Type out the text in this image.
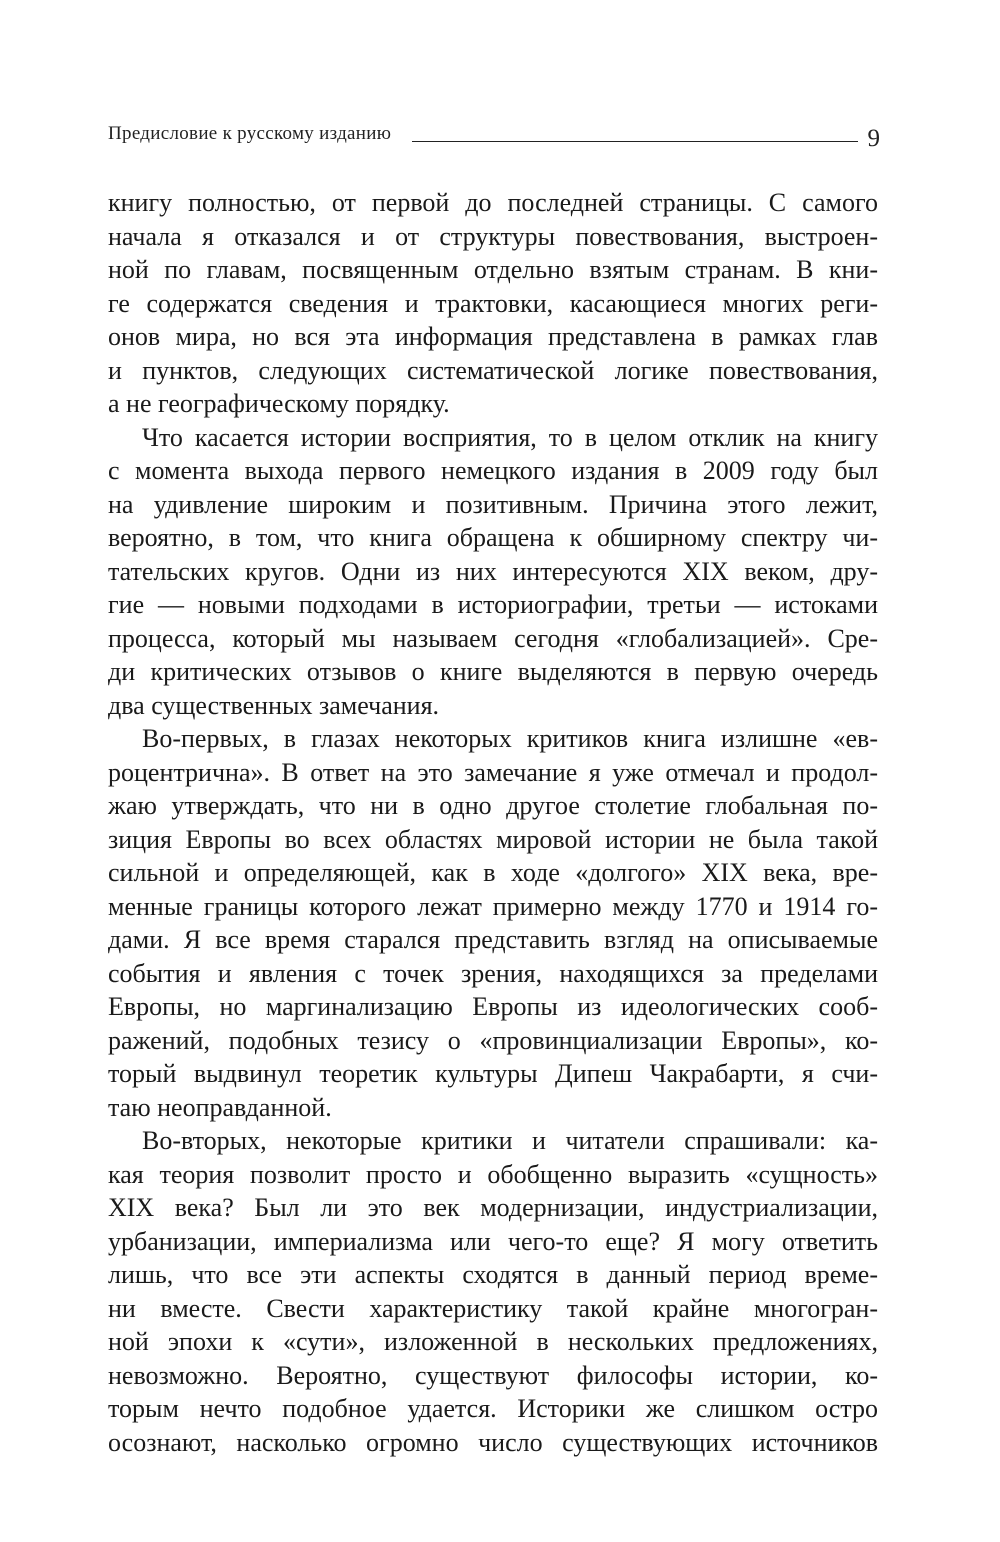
Предисловие к русскому изданию	9

книгу полностью, от первой до последней страницы. С самого
начала я отказался и от структуры повествования, выстроен-
ной по главам, посвященным отдельно взятым странам. В кни-
ге содержатся сведения и трактовки, касающиеся многих реги-
онов мира, но вся эта информация представлена в рамках глав
и пунктов, следующих систематической логике повествования,
а не географическому порядку.

Что касается истории восприятия, то в целом отклик на книгу
с момента выхода первого немецкого издания в 2009 году был
на удивление широким и позитивным. Причина этого лежит,
вероятно, в том, что книга обращена к обширному спектру чи-
тательских кругов. Одни из них интересуются XIX веком, дру-
гие — новыми подходами в историографии, третьи — истоками
процесса, который мы называем сегодня «глобализацией». Сре-
ди критических отзывов о книге выделяются в первую очередь
два существенных замечания.

Во-первых, в глазах некоторых критиков книга излишне «ев-
роцентрична». В ответ на это замечание я уже отмечал и продол-
жаю утверждать, что ни в одно другое столетие глобальная по-
зиция Европы во всех областях мировой истории не была такой
сильной и определяющей, как в ходе «долгого» XIX века, вре-
менные границы которого лежат примерно между 1770 и 1914 го-
дами. Я все время старался представить взгляд на описываемые
события и явления с точек зрения, находящихся за пределами
Европы, но маргинализацию Европы из идеологических сооб-
ражений, подобных тезису о «провинциализации Европы», ко-
торый выдвинул теоретик культуры Дипеш Чакрабарти, я счи-
таю неоправданной.

Во-вторых, некоторые критики и читатели спрашивали: ка-
кая теория позволит просто и обобщенно выразить «сущность»
XIX века? Был ли это век модернизации, индустриализации,
урбанизации, империализма или чего-то еще? Я могу ответить
лишь, что все эти аспекты сходятся в данный период време-
ни вместе. Свести характеристику такой крайне многогран-
ной эпохи к «сути», изложенной в нескольких предложениях,
невозможно. Вероятно, существуют философы истории, ко-
торым нечто подобное удается. Историки же слишком остро
осознают, насколько огромно число существующих источников
